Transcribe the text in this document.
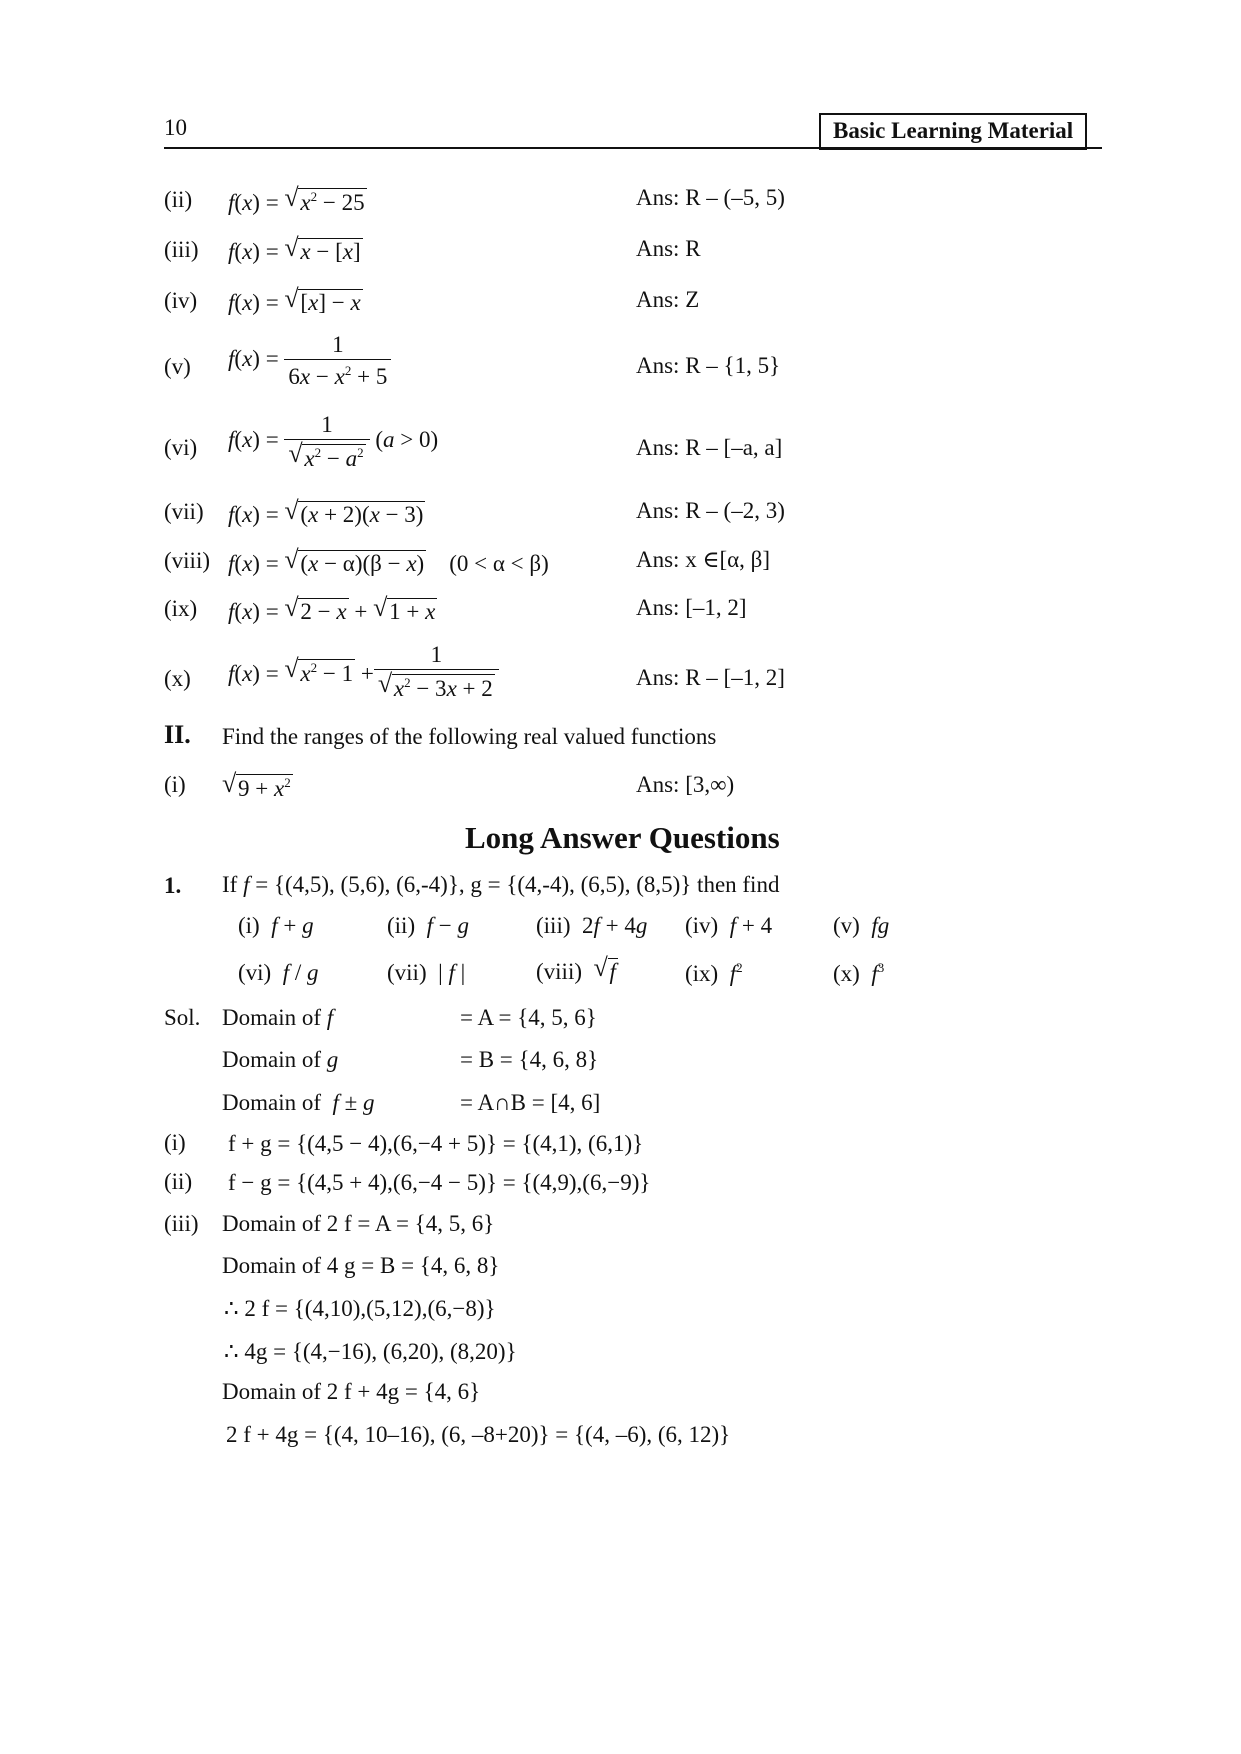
10	Basic Learning Material
(ii) f(x) = √ $x^2 - 25$	Ans: R – (–5, 5)
(iii) f(x) = √ x − [x]	Ans: R
(iv) f(x) = √ [x] − x	Ans: Z
(v) $f(x) = \frac{1}{6x - x^2 + 5}$	Ans: R – {1, 5}
(vi) $f(x) = \frac{1}{√ x^2 - a^2} (a > 0)$	Ans: R – [–a, a]
(vii) f(x) = √ (x + 2)(x − 3)	Ans: R – (–2, 3)
(viii) f(x) = √ (x − α)(β − x)    (0 < α < β)	Ans: x ∈[α, β]
(ix) f(x) = √ 2 − x + √ 1 + x	Ans: [–1, 2]
(x) f(x) = √ $x^2 - 1 + \frac{1}{√ x^2 - 3x + 2}$	Ans: R – [–1, 2]
II. Find the ranges of the following real valued functions
(i) √ $9 + x^2$	Ans: [3,∞)
Long Answer Questions
1. If f = {(4,5), (5,6), (6,-4)}, g = {(4,-4), (6,5), (8,5)} then find
(i) f + g	(ii) f − g	(iii)  2f + 4g (iv) f + 4	(v) fg
(vi) f / g	(vii)  | f |	(viii) √ f	(ix) $f^2$	(x) $f^3$
Sol. Domain of f	= A = {4, 5, 6}
Domain of g	= B = {4, 6, 8}
Domain of f ± g	= A∩B = [4, 6]
(i) f + g = {(4,5 − 4),(6,−4 + 5)} = {(4,1), (6,1)}
(ii) f − g = {(4,5 + 4),(6,−4 − 5)} = {(4,9),(6,−9)}
(iii) Domain of 2 f = A = {4, 5, 6}
Domain of 4 g = B = {4, 6, 8}
∴ 2 f = {(4,10),(5,12),(6,−8)}
∴ 4g = {(4,−16), (6,20), (8,20)}
Domain of 2 f + 4g = {4, 6}
2 f + 4g = {(4, 10–16), (6, –8+20)} = {(4, –6), (6, 12)}
